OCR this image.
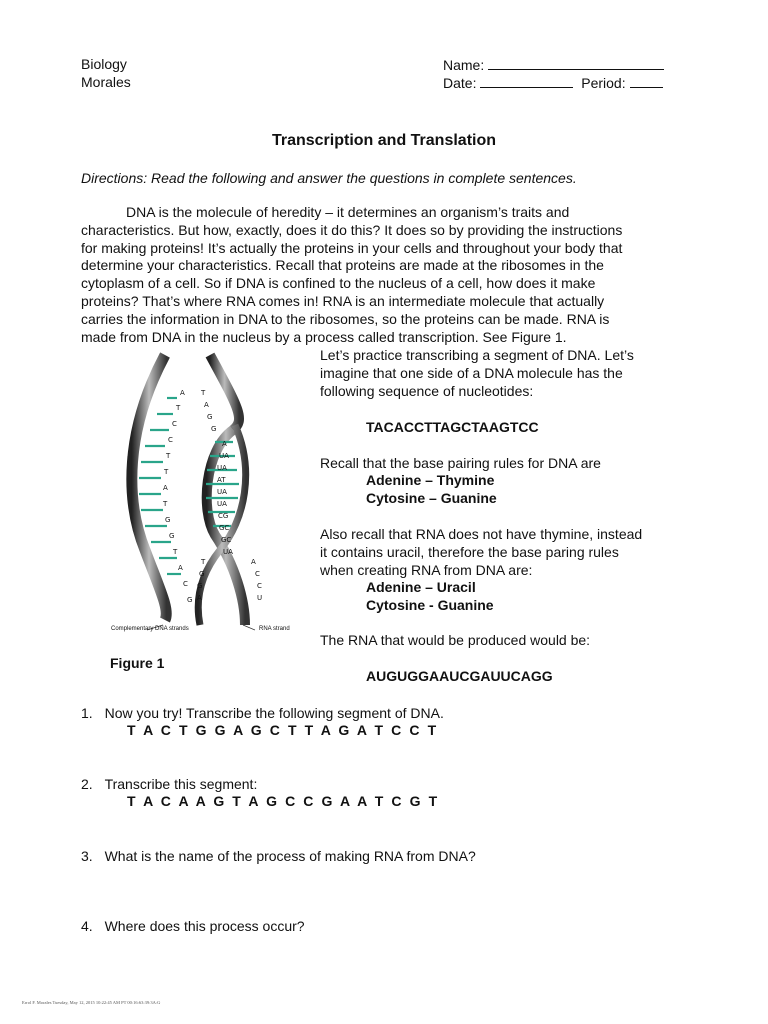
Biology
Morales
Name:
Date:	Period:
Transcription and Translation
Directions: Read the following and answer the questions in complete sentences.
DNA is the molecule of heredity – it determines an organism’s traits and
characteristics. But how, exactly, does it do this? It does so by providing the instructions
for making proteins! It’s actually the proteins in your cells and throughout your body that
determine your characteristics. Recall that proteins are made at the ribosomes in the
cytoplasm of a cell. So if DNA is confined to the nucleus of a cell, how does it make
proteins? That’s where RNA comes in! RNA is an intermediate molecule that actually
carries the information in DNA to the ribosomes, so the proteins can be made. RNA is
made from DNA in the nucleus by a process called transcription. See Figure 1.
Let’s practice transcribing a segment of DNA. Let’s
imagine that one side of a DNA molecule has the
following sequence of nucleotides:
TACACCTTAGCTAAGTCC
Recall that the base pairing rules for DNA are
Adenine – Thymine
Cytosine – Guanine
Also recall that RNA does not have thymine, instead
it contains uracil, therefore the base paring rules
when creating RNA from DNA are:
Adenine – Uracil
Cytosine - Guanine
The RNA that would be produced would be:
AUGUGGAAUCGAUUCAGG
A
T
C
C
T
T
A
T
G
G
T
A
C
G
T
A
G
G
A
UA
UA
AT
UA
UA
CG
GC
GC
UA
T
G
G
A
A
C
C
U
Complementary DNA strands	RNA strand
Figure 1
1. Now you try! Transcribe the following segment of DNA.
T A C T G G A G C T T A G A T C C T
2. Transcribe this segment:
T A C A A G T A G C C G A A T C G T
3. What is the name of the process of making RNA from DNA?
4. Where does this process occur?
Errol F. Morales Tuesday, May 12, 2015 10:22:45 AM PT 00:16:63:39:3A:G
